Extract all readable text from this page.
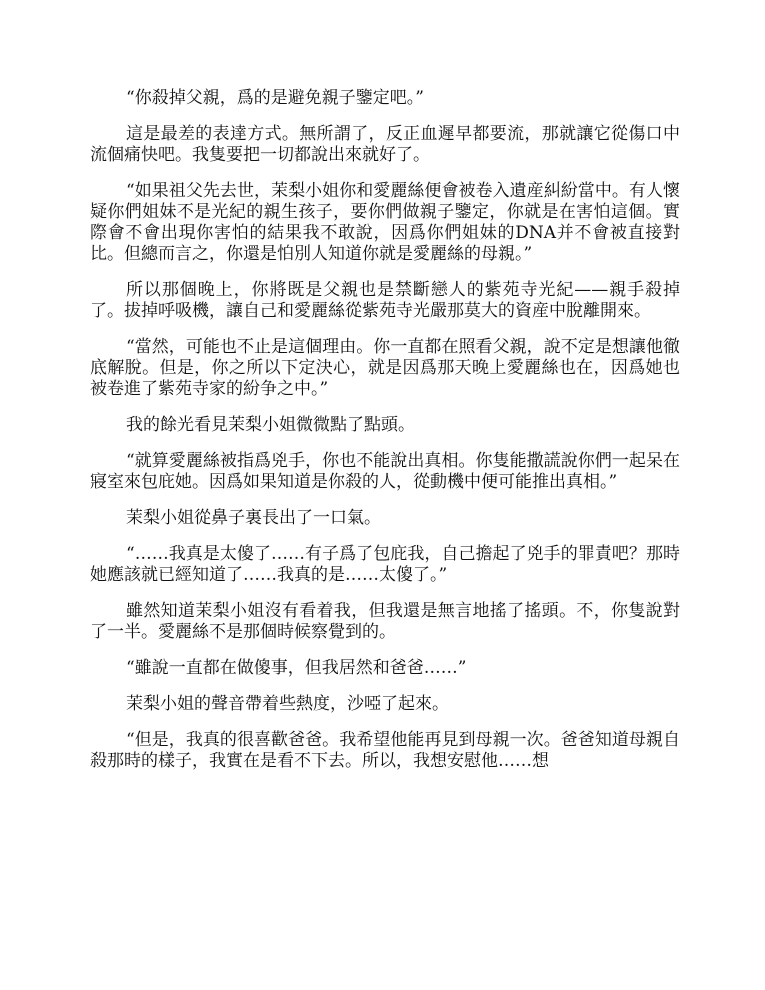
“你殺掉父親，爲的是避免親子鑒定吧。”

這是最差的表達方式。無所謂了，反正血遲早都要流，那就讓它從傷口中流個痛快吧。我隻要把一切都說出來就好了。

“如果祖父先去世，茉梨小姐你和愛麗絲便會被卷入遺産糾紛當中。有人懷疑你們姐妹不是光紀的親生孩子，要你們做親子鑒定，你就是在害怕這個。實際會不會出現你害怕的結果我不敢說，因爲你們姐妹的DNA并不會被直接對比。但總而言之，你還是怕別人知道你就是愛麗絲的母親。”

所以那個晚上，你將既是父親也是禁斷戀人的紫苑寺光紀——親手殺掉了。拔掉呼吸機，讓自己和愛麗絲從紫苑寺光嚴那莫大的資産中脫離開來。

“當然，可能也不止是這個理由。你一直都在照看父親，說不定是想讓他徹底解脫。但是，你之所以下定決心，就是因爲那天晚上愛麗絲也在，因爲她也被卷進了紫苑寺家的紛争之中。”

我的餘光看見茉梨小姐微微點了點頭。

“就算愛麗絲被指爲兇手，你也不能說出真相。你隻能撒謊說你們一起呆在寢室來包庇她。因爲如果知道是你殺的人，從動機中便可能推出真相。”

茉梨小姐從鼻子裏長出了一口氣。

“……我真是太傻了……有子爲了包庇我，自己擔起了兇手的罪責吧？那時她應該就已經知道了……我真的是……太傻了。”

雖然知道茉梨小姐沒有看着我，但我還是無言地搖了搖頭。不，你隻說對了一半。愛麗絲不是那個時候察覺到的。

“雖說一直都在做傻事，但我居然和爸爸……”

茉梨小姐的聲音帶着些熱度，沙啞了起來。

“但是，我真的很喜歡爸爸。我希望他能再見到母親一次。爸爸知道母親自殺那時的樣子，我實在是看不下去。所以，我想安慰他……想
